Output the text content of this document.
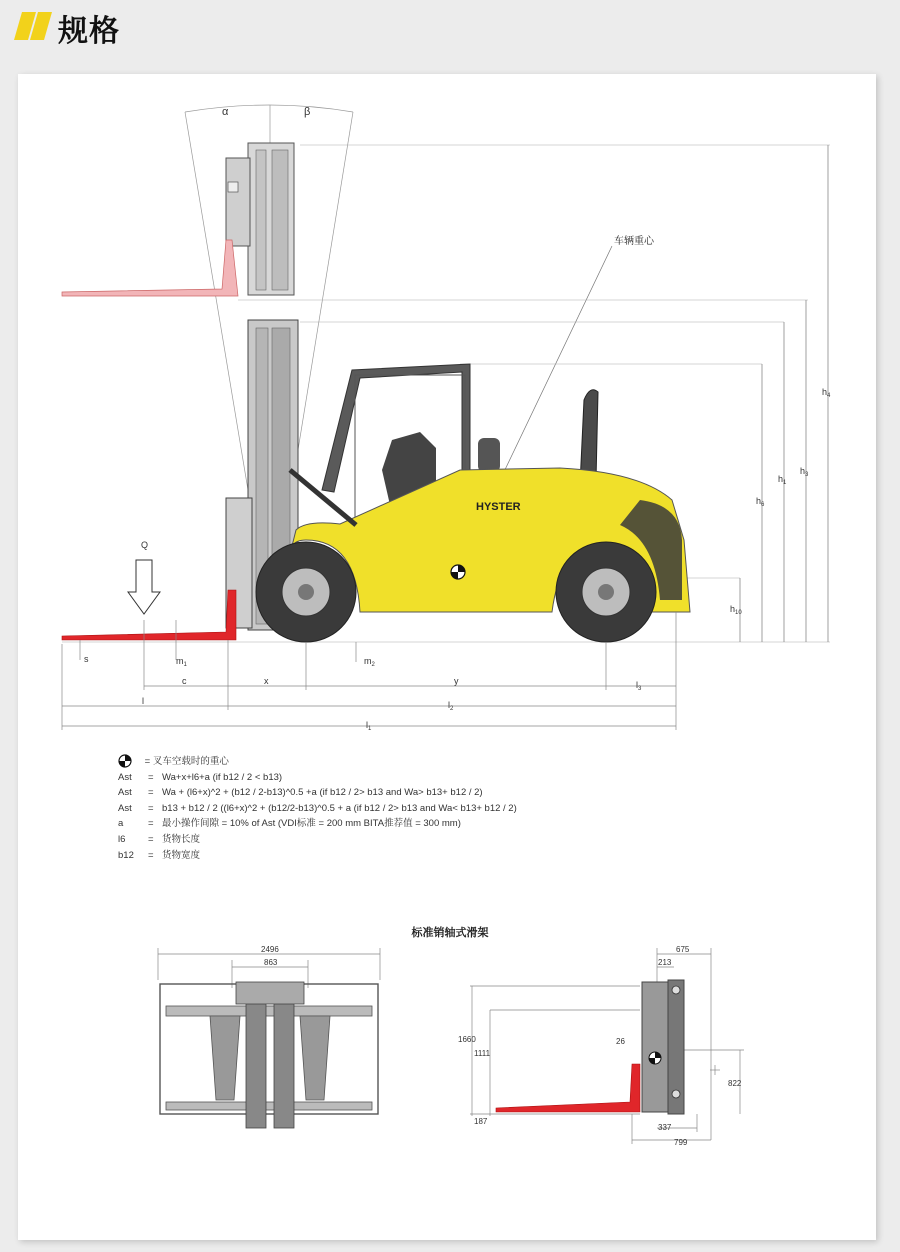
规格
α	β
车辆重心
$h_4$
$h_3$
$h_1$
$h_6$
$h_{10}$
HYSTER
Q
s	$m_1$	$m_2$
c	x	y	$l_3$
l	$l_2$
$l_1$
= 叉车空载时的重心
Ast = Wa+x+l6+a (if b12 / 2 < b13)
Ast = Wa + (l6+x)^2 + (b12 / 2-b13)^0.5 +a (if b12 / 2> b13 and Wa> b13+ b12 / 2)
Ast = b13 + b12 / 2 ((l6+x)^2 + (b12/2-b13)^0.5 + a (if b12 / 2> b13 and Wa< b13+ b12 / 2)
a	= 最小操作间隙 = 10% of Ast (VDI标准 = 200 mm BITA推荐值 = 300 mm)
l6 = 货物长度
b12 = 货物宽度
标准销轴式滑架
2496
863
675
213
1660
1111
26
822
187
337
799
